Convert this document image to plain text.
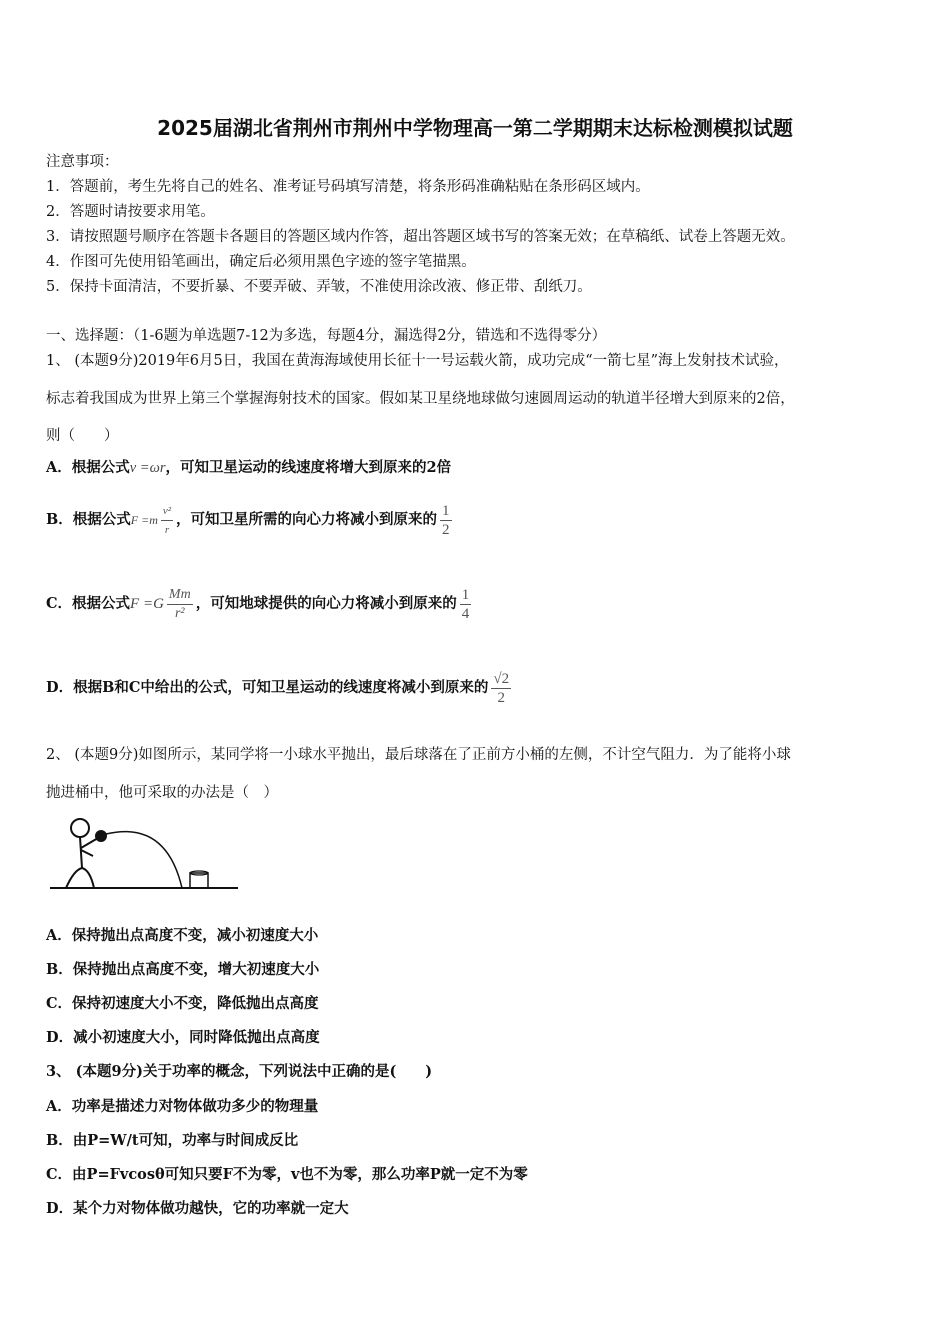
2025届湖北省荆州市荆州中学物理高一第二学期期末达标检测模拟试题
注意事项：
1．答题前，考生先将自己的姓名、准考证号码填写清楚，将条形码准确粘贴在条形码区域内。
2．答题时请按要求用笔。
3．请按照题号顺序在答题卡各题目的答题区域内作答，超出答题区域书写的答案无效；在草稿纸、试卷上答题无效。
4．作图可先使用铅笔画出，确定后必须用黑色字迹的签字笔描黑。
5．保持卡面清洁，不要折暴、不要弄破、弄皱，不准使用涂改液、修正带、刮纸刀。
一、选择题：（1-6题为单选题7-12为多选，每题4分，漏选得2分，错选和不选得零分）
1、 (本题9分)2019年6月5日，我国在黄海海域使用长征十一号运载火箭，成功完成“一箭七星”海上发射技术试验，
标志着我国成为世界上第三个掌握海射技术的国家。假如某卫星绕地球做匀速圆周运动的轨道半径增大到原来的2倍，
则（　　）
A．根据公式v =ωr，可知卫星运动的线速度将增大到原来的2倍
B．根据公式$F =m \frac{\text{v²}}{r}$ ，可知卫星所需的向心力将减小到原来的 $\frac{1}{2}$
C．根据公式$F =G \frac{Mm}{\text{r²}}$ ，可知地球提供的向心力将减小到原来的 $\frac{1}{4}$
D．根据B和C中给出的公式，可知卫星运动的线速度将减小到原来的 $\frac{√2}{2}$
2、 (本题9分)如图所示，某同学将一小球水平抛出，最后球落在了正前方小桶的左侧，不计空气阻力．为了能将小球
抛进桶中，他可采取的办法是（　）
A．保持抛出点高度不变，减小初速度大小
B．保持抛出点高度不变，增大初速度大小
C．保持初速度大小不变，降低抛出点高度
D．减小初速度大小，同时降低抛出点高度
3、 (本题9分)关于功率的概念，下列说法中正确的是(　　)
A．功率是描述力对物体做功多少的物理量
B．由P=W/t可知，功率与时间成反比
C．由P=Fvcosθ可知只要F不为零，v也不为零，那么功率P就一定不为零
D．某个力对物体做功越快，它的功率就一定大
